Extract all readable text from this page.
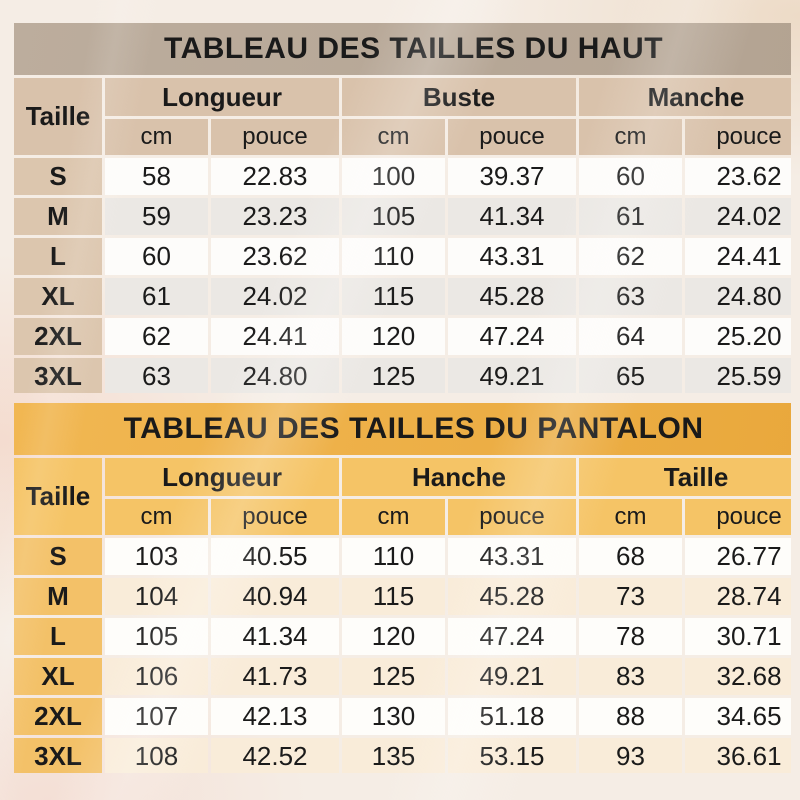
TABLEAU DES TAILLES DU HAUT						
Taille	Longueur		Buste		Manche	
	cm	pouce	cm	pouce	cm	pouce
S	58	22.83	100	39.37	60	23.62
M	59	23.23	105	41.34	61	24.02
L	60	23.62	110	43.31	62	24.41
XL	61	24.02	115	45.28	63	24.80
2XL	62	24.41	120	47.24	64	25.20
3XL	63	24.80	125	49.21	65	25.59
TABLEAU DES TAILLES DU PANTALON						
Taille	Longueur		Hanche		Taille	
	cm	pouce	cm	pouce	cm	pouce
S	103	40.55	110	43.31	68	26.77
M	104	40.94	115	45.28	73	28.74
L	105	41.34	120	47.24	78	30.71
XL	106	41.73	125	49.21	83	32.68
2XL	107	42.13	130	51.18	88	34.65
3XL	108	42.52	135	53.15	93	36.61
